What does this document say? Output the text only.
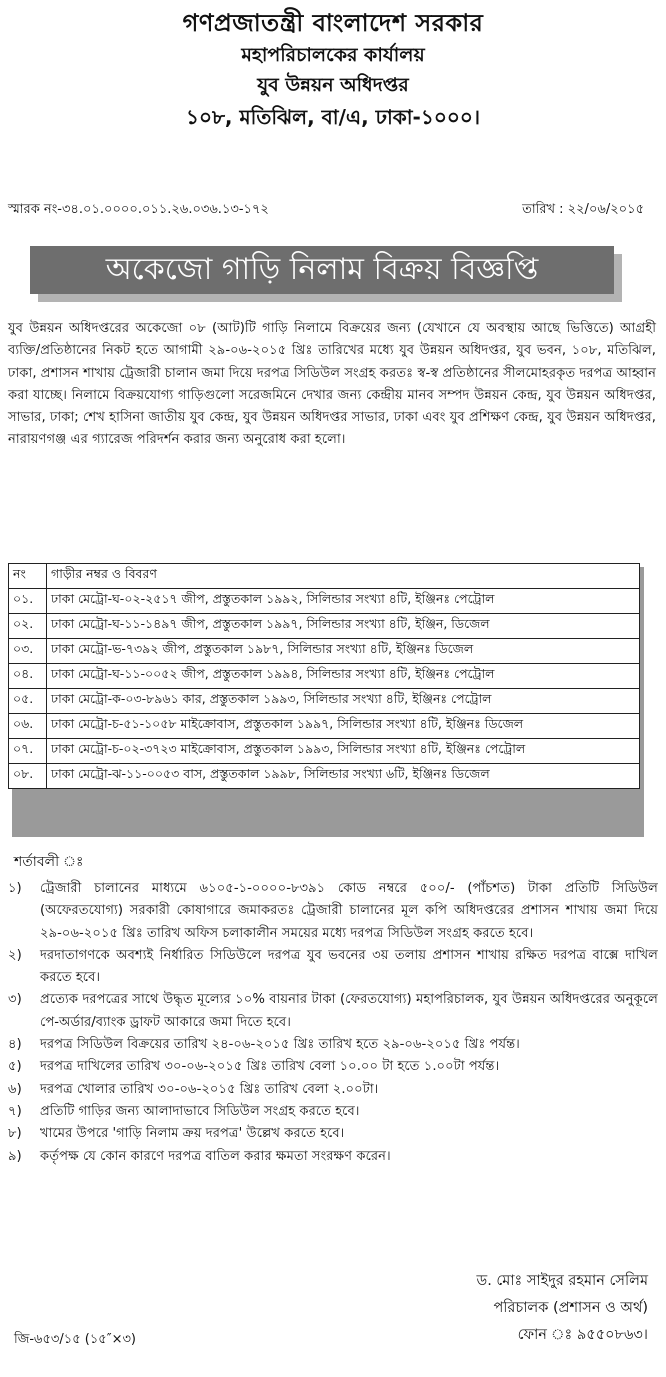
গণপ্রজাতন্ত্রী বাংলাদেশ সরকার
মহাপরিচালকের কার্যালয়
যুব উন্নয়ন অধিদপ্তর
১০৮, মতিঝিল, বা/এ, ঢাকা-১০০০।
স্মারক নং-৩৪.০১.০০০০.০১১.২৬.০৩৬.১৩-১৭২	তারিখ : ২২/০৬/২০১৫
অকেজো গাড়ি নিলাম বিক্রয় বিজ্ঞপ্তি
যুব উন্নয়ন অধিদপ্তরের অকেজো ০৮ (আট)টি গাড়ি নিলামে বিক্রয়ের জন্য (যেখানে যে অবস্থায় আছে ভিত্তিতে) আগ্রহী ব্যক্তি/প্রতিষ্ঠানের নিকট হতে আগামী ২৯-০৬-২০১৫ খ্রিঃ তারিখের মধ্যে যুব উন্নয়ন অধিদপ্তর, যুব ভবন, ১০৮, মতিঝিল, ঢাকা, প্রশাসন শাখায় ট্রেজারী চালান জমা দিয়ে দরপত্র সিডিউল সংগ্রহ করতঃ স্ব-স্ব প্রতিষ্ঠানের সীলমোহরকৃত দরপত্র আহ্বান করা যাচ্ছে। নিলামে বিক্রয়যোগ্য গাড়িগুলো সরেজমিনে দেখার জন্য কেন্দ্রীয় মানব সম্পদ উন্নয়ন কেন্দ্র, যুব উন্নয়ন অধিদপ্তর, সাভার, ঢাকা; শেখ হাসিনা জাতীয় যুব কেন্দ্র, যুব উন্নয়ন অধিদপ্তর সাভার, ঢাকা এবং যুব প্রশিক্ষণ কেন্দ্র, যুব উন্নয়ন অধিদপ্তর, নারায়ণগঞ্জ এর গ্যারেজ পরিদর্শন করার জন্য অনুরোধ করা হলো।
নং	গাড়ীর নম্বর ও বিবরণ
০১.	ঢাকা মেট্রো-ঘ-০২-২৫১৭ জীপ, প্রস্তুতকাল ১৯৯২, সিলিন্ডার সংখ্যা ৪টি, ইঞ্জিনঃ পেট্রোল
০২.	ঢাকা মেট্রো-ঘ-১১-১৪৯৭ জীপ, প্রস্তুতকাল ১৯৯৭, সিলিন্ডার সংখ্যা ৪টি, ইঞ্জিন, ডিজেল
০৩.	ঢাকা মেট্রো-ভ-৭৩৯২ জীপ, প্রস্তুতকাল ১৯৮৭, সিলিন্ডার সংখ্যা ৪টি, ইঞ্জিনঃ ডিজেল
০৪.	ঢাকা মেট্রো-ঘ-১১-০০৫২ জীপ, প্রস্তুতকাল ১৯৯৪, সিলিন্ডার সংখ্যা ৪টি, ইঞ্জিনঃ পেট্রোল
০৫.	ঢাকা মেট্রো-ক-০৩-৮৯৬১ কার, প্রস্তুতকাল ১৯৯৩, সিলিন্ডার সংখ্যা ৪টি, ইঞ্জিনঃ পেট্রোল
০৬.	ঢাকা মেট্রো-চ-৫১-১০৫৮ মাইক্রোবাস, প্রস্তুতকাল ১৯৯৭, সিলিন্ডার সংখ্যা ৪টি, ইঞ্জিনঃ ডিজেল
০৭.	ঢাকা মেট্রো-চ-০২-৩৭২৩ মাইক্রোবাস, প্রস্তুতকাল ১৯৯৩, সিলিন্ডার সংখ্যা ৪টি, ইঞ্জিনঃ পেট্রোল
০৮.	ঢাকা মেট্রো-ঝ-১১-০০৫৩ বাস, প্রস্তুতকাল ১৯৯৮, সিলিন্ডার সংখ্যা ৬টি, ইঞ্জিনঃ ডিজেল
শর্তাবলী ঃ
১)	ট্রেজারী চালানের মাধ্যমে ৬১০৫-১-০০০০-৮৩৯১ কোড নম্বরে ৫০০/- (পাঁচশত) টাকা প্রতিটি সিডিউল (অফেরতযোগ্য) সরকারী কোষাগারে জমাকরতঃ ট্রেজারী চালানের মূল কপি অধিদপ্তরের প্রশাসন শাখায় জমা দিয়ে ২৯-০৬-২০১৫ খ্রিঃ তারিখ অফিস চলাকালীন সময়ের মধ্যে দরপত্র সিডিউল সংগ্রহ করতে হবে।
২)	দরদাতাগণকে অবশ্যই নির্ধারিত সিডিউলে দরপত্র যুব ভবনের ৩য় তলায় প্রশাসন শাখায় রক্ষিত দরপত্র বাক্সে দাখিল করতে হবে।
৩)	প্রত্যেক দরপত্রের সাথে উদ্ধৃত মূল্যের ১০% বায়নার টাকা (ফেরতযোগ্য) মহাপরিচালক, যুব উন্নয়ন অধিদপ্তরের অনুকূলে পে-অর্ডার/ব্যাংক ড্রাফট আকারে জমা দিতে হবে।
৪)	দরপত্র সিডিউল বিক্রয়ের তারিখ ২৪-০৬-২০১৫ খ্রিঃ তারিখ হতে ২৯-০৬-২০১৫ খ্রিঃ পর্যন্ত।
৫)	দরপত্র দাখিলের তারিখ ৩০-০৬-২০১৫ খ্রিঃ তারিখ বেলা ১০.০০ টা হতে ১.০০টা পর্যন্ত।
৬)	দরপত্র খোলার তারিখ ৩০-০৬-২০১৫ খ্রিঃ তারিখ বেলা ২.০০টা।
৭)	প্রতিটি গাড়ির জন্য আলাদাভাবে সিডিউল সংগ্রহ করতে হবে।
৮)	খামের উপরে 'গাড়ি নিলাম ক্রয় দরপত্র' উল্লেখ করতে হবে।
৯)	কর্তৃপক্ষ যে কোন কারণে দরপত্র বাতিল করার ক্ষমতা সংরক্ষণ করেন।
ড. মোঃ সাইদুর রহমান সেলিম
পরিচালক (প্রশাসন ও অর্থ)
ফোন ঃ ৯৫৫০৮৬৩।
জি-৬৫৩/১৫ (১৫″×৩)
